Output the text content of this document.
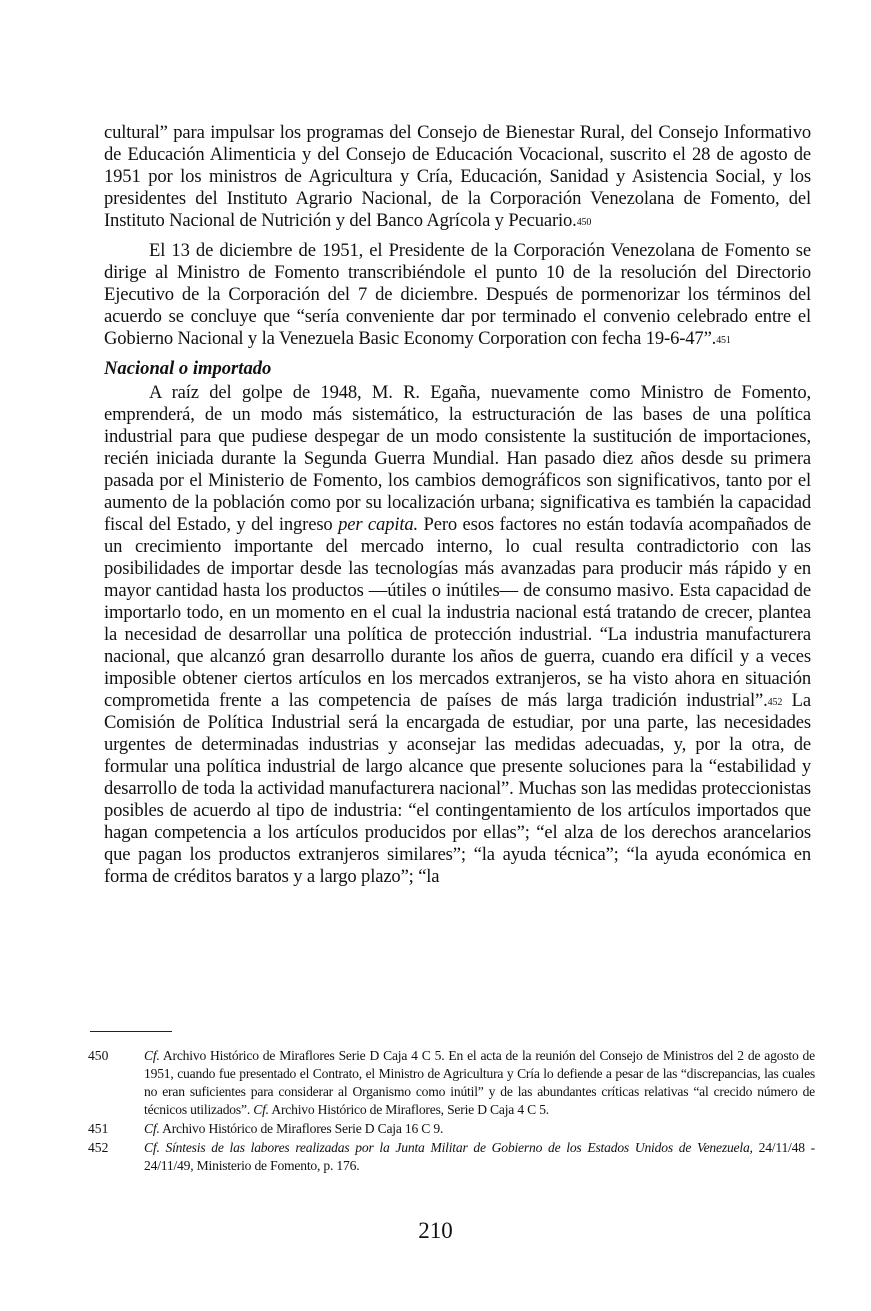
cultural” para impulsar los programas del Consejo de Bienestar Rural, del Consejo Informativo de Educación Alimenticia y del Consejo de Educación Vocacional, suscrito el 28 de agosto de 1951 por los ministros de Agricultura y Cría, Educación, Sanidad y Asistencia Social, y los presidentes del Instituto Agrario Nacional, de la Corporación Venezolana de Fomento, del Instituto Nacional de Nutrición y del Banco Agrícola y Pecuario.$^{450}$

El 13 de diciembre de 1951, el Presidente de la Corporación Venezolana de Fomento se dirige al Ministro de Fomento transcribiéndole el punto 10 de la resolución del Directorio Ejecutivo de la Corporación del 7 de diciembre. Después de pormenorizar los términos del acuerdo se concluye que “sería conveniente dar por terminado el convenio celebrado entre el Gobierno Nacional y la Venezuela Basic Economy Corporation con fecha 19-6-47”.$^{451}$

Nacional o importado

A raíz del golpe de 1948, M. R. Egaña, nuevamente como Ministro de Fomento, emprenderá, de un modo más sistemático, la estructuración de las bases de una política industrial para que pudiese despegar de un modo consistente la sustitución de importaciones, recién iniciada durante la Segunda Guerra Mundial. Han pasado diez años desde su primera pasada por el Ministerio de Fomento, los cambios demográficos son significativos, tanto por el aumento de la población como por su localización urbana; significativa es también la capacidad fiscal del Estado, y del ingreso per capita. Pero esos factores no están todavía acompañados de un crecimiento importante del mercado interno, lo cual resulta contradictorio con las posibilidades de importar desde las tecnologías más avanzadas para producir más rápido y en mayor cantidad hasta los productos —útiles o inútiles— de consumo masivo. Esta capacidad de importarlo todo, en un momento en el cual la industria nacional está tratando de crecer, plantea la necesidad de desarrollar una política de protección industrial. “La industria manufacturera nacional, que alcanzó gran desarrollo durante los años de guerra, cuando era difícil y a veces imposible obtener ciertos artículos en los mercados extranjeros, se ha visto ahora en situación comprometida frente a las competencia de países de más larga tradición industrial”.$^{452}$ La Comisión de Política Industrial será la encargada de estudiar, por una parte, las necesidades urgentes de determinadas industrias y aconsejar las medidas adecuadas, y, por la otra, de formular una política industrial de largo alcance que presente soluciones para la “estabilidad y desarrollo de toda la actividad manufacturera nacional”. Muchas son las medidas proteccionistas posibles de acuerdo al tipo de industria: “el contingentamiento de los artículos importados que hagan competencia a los artículos producidos por ellas”; “el alza de los derechos arancelarios que pagan los productos extranjeros similares”; “la ayuda técnica”; “la ayuda económica en forma de créditos baratos y a largo plazo”; “la

450	Cf. Archivo Histórico de Miraflores Serie D Caja 4 C 5. En el acta de la reunión del Consejo de Ministros del 2 de agosto de 1951, cuando fue presentado el Contrato, el Ministro de Agricultura y Cría lo defiende a pesar de las “discrepancias, las cuales no eran suficientes para considerar al Organismo como inútil” y de las abundantes críticas relativas “al crecido número de técnicos utilizados”. Cf. Archivo Histórico de Miraflores, Serie D Caja 4 C 5.
451	Cf. Archivo Histórico de Miraflores Serie D Caja 16 C 9.
452	Cf. Síntesis de las labores realizadas por la Junta Militar de Gobierno de los Estados Unidos de Venezuela, 24/11/48 - 24/11/49, Ministerio de Fomento, p. 176.
210
